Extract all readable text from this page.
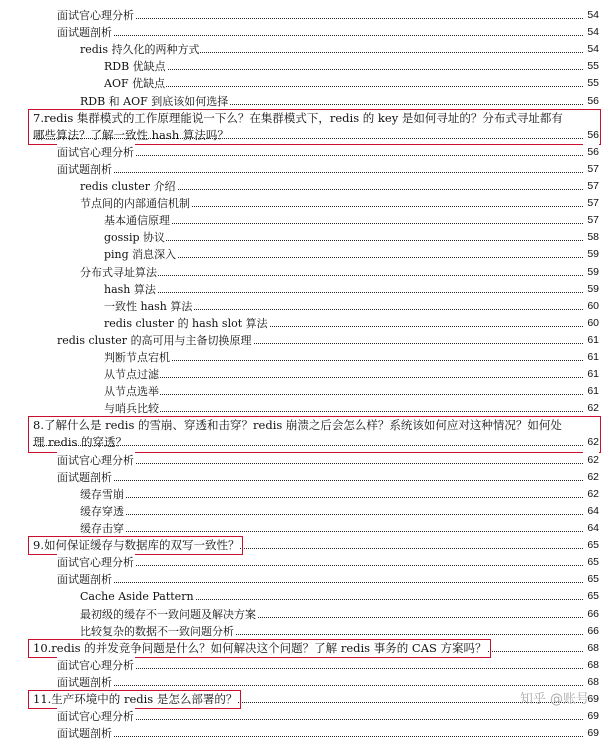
面试官心理分析	54
面试题剖析	54
redis 持久化的两种方式	54
RDB 优缺点	55
AOF 优缺点	55
RDB 和 AOF 到底该如何选择	56
7.redis 集群模式的工作原理能说一下么？在集群模式下，redis 的 key 是如何寻址的？分布式寻址都有
哪些算法？了解一致性 hash 算法吗？	56
面试官心理分析	56
面试题剖析	57
redis cluster 介绍	57
节点间的内部通信机制	57
基本通信原理	57
gossip 协议	58
ping 消息深入	59
分布式寻址算法	59
hash 算法	59
一致性 hash 算法	60
redis cluster 的 hash slot 算法	60
redis cluster 的高可用与主备切换原理	61
判断节点宕机	61
从节点过滤	61
从节点选举	61
与哨兵比较	62
8.了解什么是 redis 的雪崩、穿透和击穿？redis 崩溃之后会怎么样？系统该如何应对这种情况？如何处
理 redis 的穿透？	62
面试官心理分析	62
面试题剖析	62
缓存雪崩	62
缓存穿透	64
缓存击穿	64
9.如何保证缓存与数据库的双写一致性？	65
面试官心理分析	65
面试题剖析	65
Cache Aside Pattern	65
最初级的缓存不一致问题及解决方案	66
比较复杂的数据不一致问题分析	66
10.redis 的并发竞争问题是什么？如何解决这个问题？了解 redis 事务的 CAS 方案吗？	68
面试官心理分析	68
面试题剖析	68
11.生产环境中的 redis 是怎么部署的？	69
面试官心理分析	69
面试题剖析	69
知乎 @账号
